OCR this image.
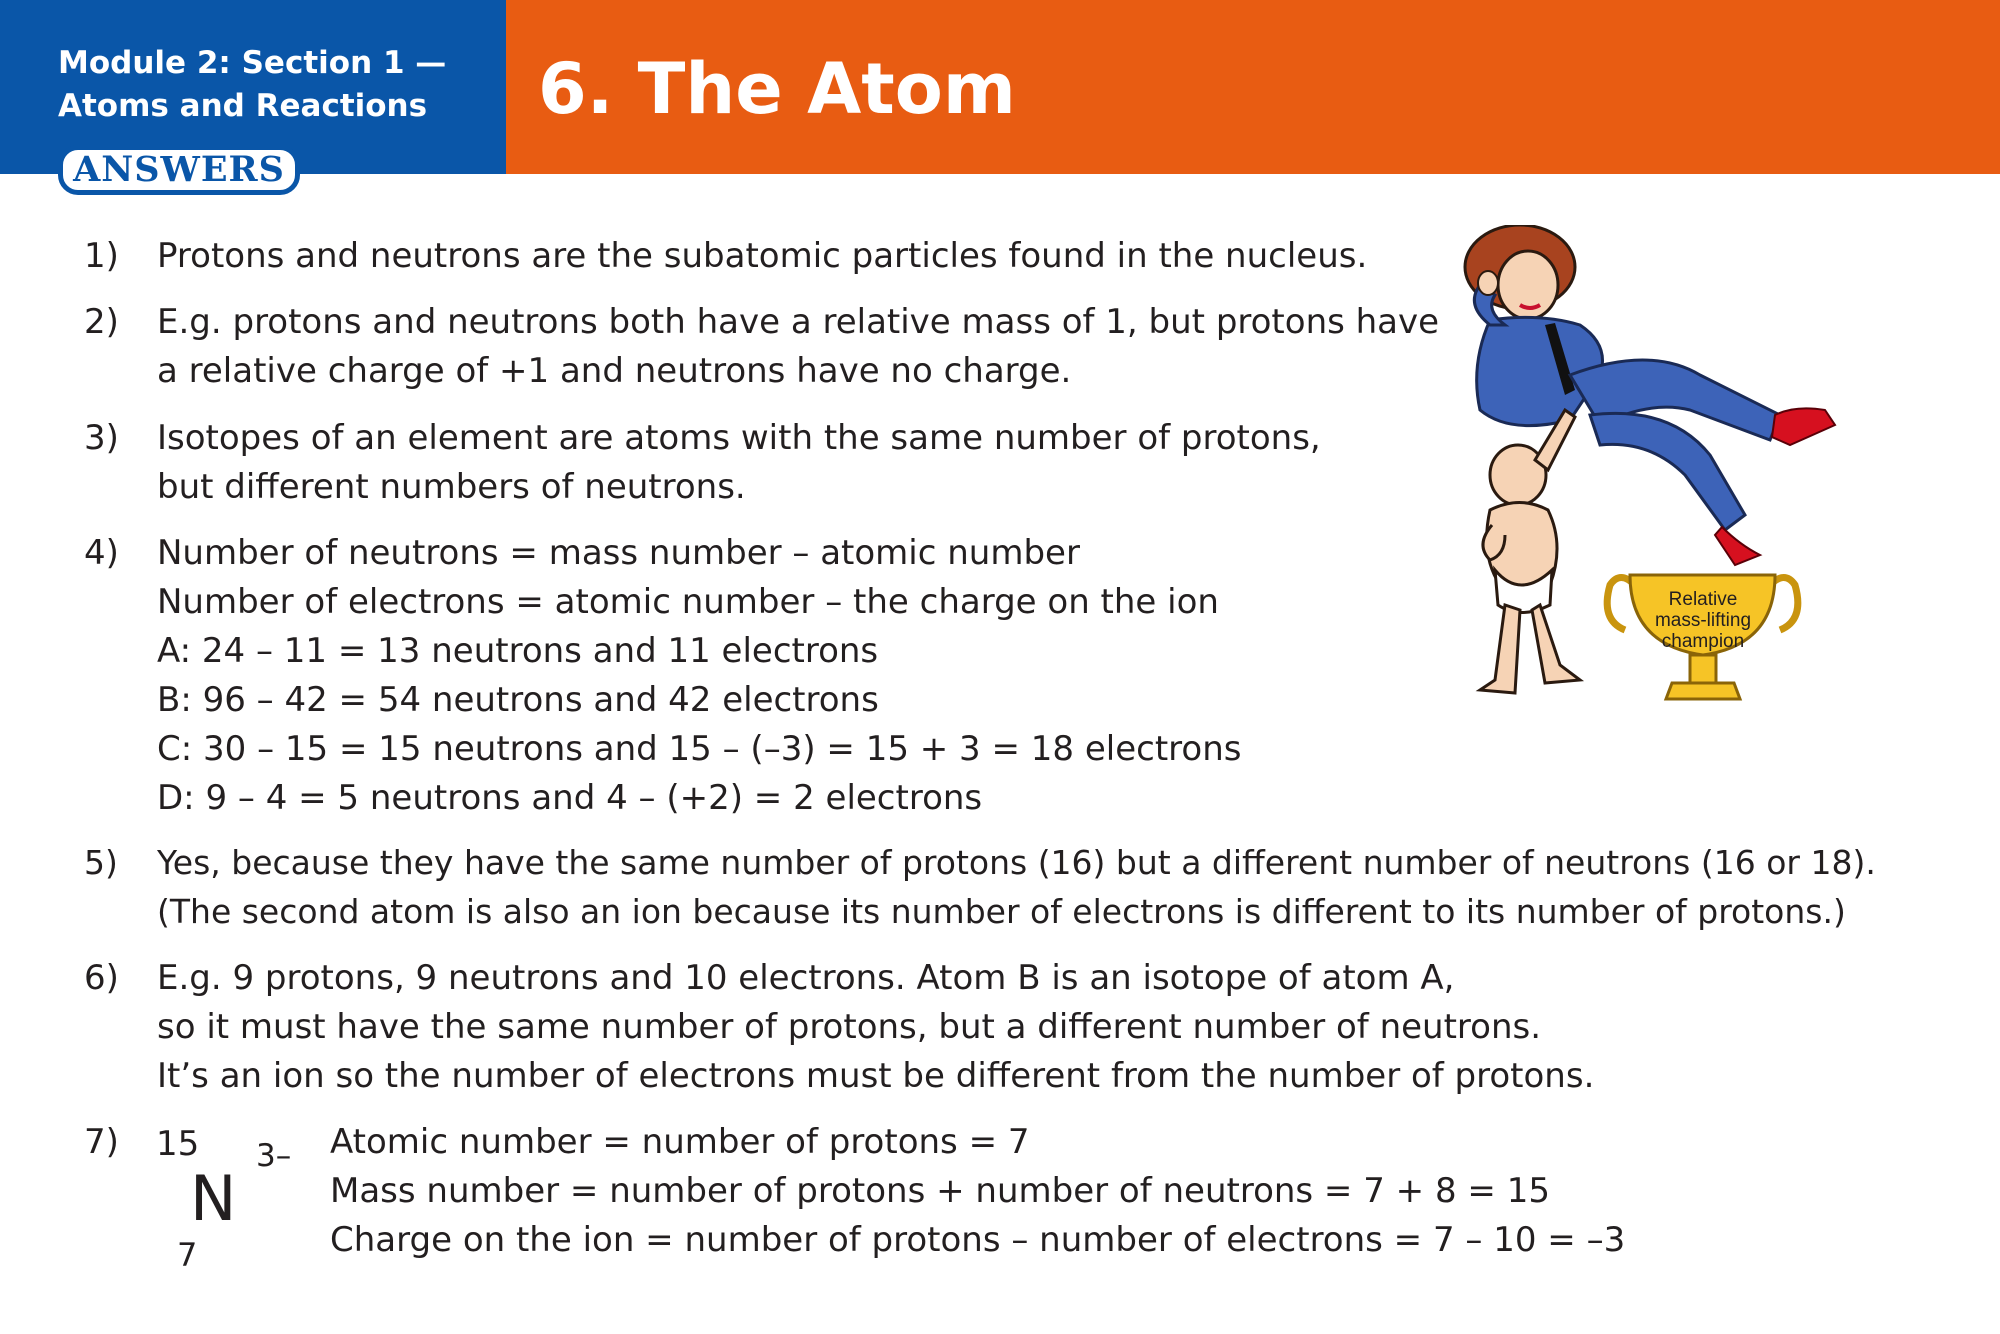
Module 2: Section 1 —
Atoms and Reactions
ANSWERS
6. The Atom
1)	Protons and neutrons are the subatomic particles found in the nucleus.
2)	E.g. protons and neutrons both have a relative mass of 1, but protons have
a relative charge of +1 and neutrons have no charge.
3)	Isotopes of an element are atoms with the same number of protons,
but different numbers of neutrons.
4)	Number of neutrons = mass number – atomic number
Number of electrons = atomic number – the charge on the ion
A: 24 – 11 = 13 neutrons and 11 electrons
B: 96 – 42 = 54 neutrons and 42 electrons
C: 30 – 15 = 15 neutrons and 15 – (–3) = 15 + 3 = 18 electrons
D: 9 – 4 = 5 neutrons and 4 – (+2) = 2 electrons
5)	Yes, because they have the same number of protons (16) but a different number of neutrons (16 or 18).
(The second atom is also an ion because its number of electrons is different to its number of protons.)
6)	E.g. 9 protons, 9 neutrons and 10 electrons. Atom B is an isotope of atom A,
so it must have the same number of protons, but a different number of neutrons.
It’s an ion so the number of electrons must be different from the number of protons.
7)	Atomic number = number of protons = 7
Mass number = number of protons + number of neutrons = 7 + 8 = 15
Charge on the ion = number of protons – number of electrons = 7 – 10 = –3
15
N
3–
7
Relative
mass-lifting
champion
